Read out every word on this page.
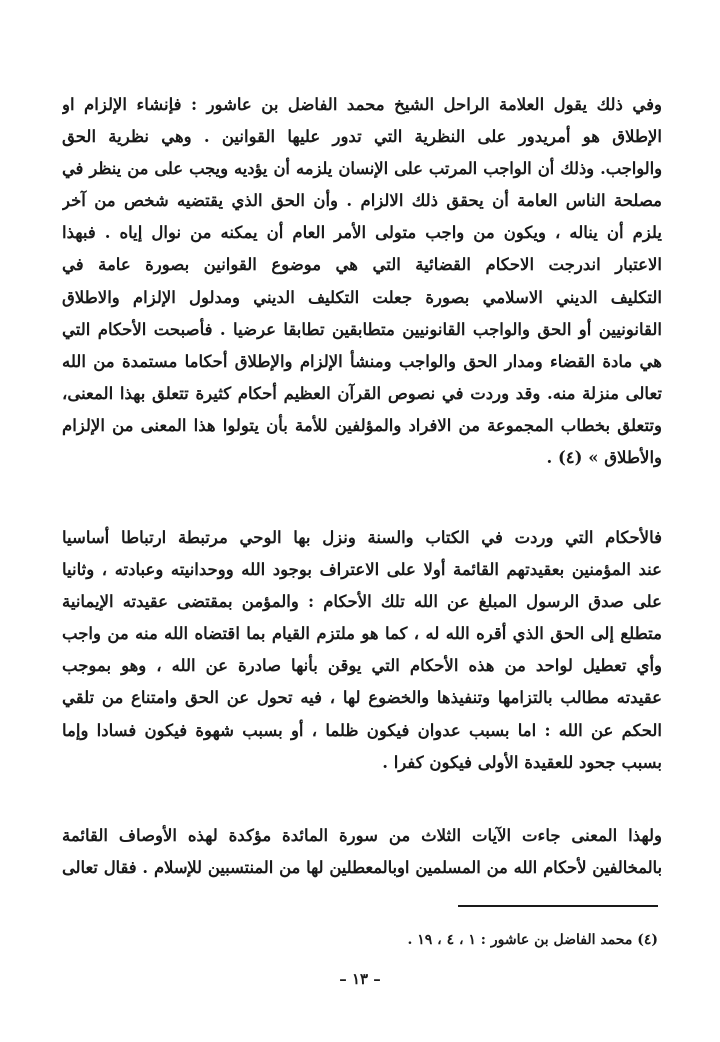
وفي ذلك يقول العلامة الراحل الشيخ محمد الفاضل بن عاشور : فإنشاء الإلزام او
الإطلاق هو أمريدور على النظرية التي تدور عليها القوانين . وهي نظرية الحق
والواجب. وذلك أن الواجب المرتب على الإنسان يلزمه أن يؤديه ويجب على من ينظر في
مصلحة الناس العامة أن يحقق ذلك الالزام . وأن الحق الذي يقتضيه شخص من آخر
يلزم أن يناله ، ويكون من واجب متولى الأمر العام أن يمكنه من نوال إياه . فبهذا
الاعتبار اندرجت الاحكام القضائية التي هي موضوع القوانين بصورة عامة في
التكليف الديني الاسلامي بصورة جعلت التكليف الديني ومدلول الإلزام والاطلاق
القانونيين أو الحق والواجب القانونيين متطابقين تطابقا عرضيا . فأصبحت الأحكام التي
هي مادة القضاء ومدار الحق والواجب ومنشأ الإلزام والإطلاق أحكاما مستمدة من الله
تعالى منزلة منه. وقد وردت في نصوص القرآن العظيم أحكام كثيرة تتعلق بهذا المعنى،
وتتعلق بخطاب المجموعة من الافراد والمؤلفين للأمة بأن يتولوا هذا المعنى من الإلزام
والأطلاق » (٤) .
فالأحكام التي وردت في الكتاب والسنة ونزل بها الوحي مرتبطة ارتباطا أساسيا
عند المؤمنين بعقيدتهم القائمة أولا على الاعتراف بوجود الله ووحدانيته وعبادته ، وثانيا
على صدق الرسول المبلغ عن الله تلك الأحكام : والمؤمن بمقتضى عقيدته الإيمانية
متطلع إلى الحق الذي أقره الله له ، كما هو ملتزم القيام بما اقتضاه الله منه من واجب
وأي تعطيل لواحد من هذه الأحكام التي يوقن بأنها صادرة عن الله ، وهو بموجب
عقيدته مطالب بالتزامها وتنفيذها والخضوع لها ، فيه تحول عن الحق وامتناع من تلقي
الحكم عن الله : اما بسبب عدوان فيكون ظلما ، أو بسبب شهوة فيكون فسادا وإما
بسبب جحود للعقيدة الأولى فيكون كفرا .
ولهذا المعنى جاءت الآيات الثلاث من سورة المائدة مؤكدة لهذه الأوصاف القائمة
بالمخالفين لأحكام الله من المسلمين اوبالمعطلين لها من المنتسبين للإسلام . فقال تعالى
(٤) محمد الفاضل بن عاشور : ١ ، ٤ ، ١٩ .
– ١٣ –
